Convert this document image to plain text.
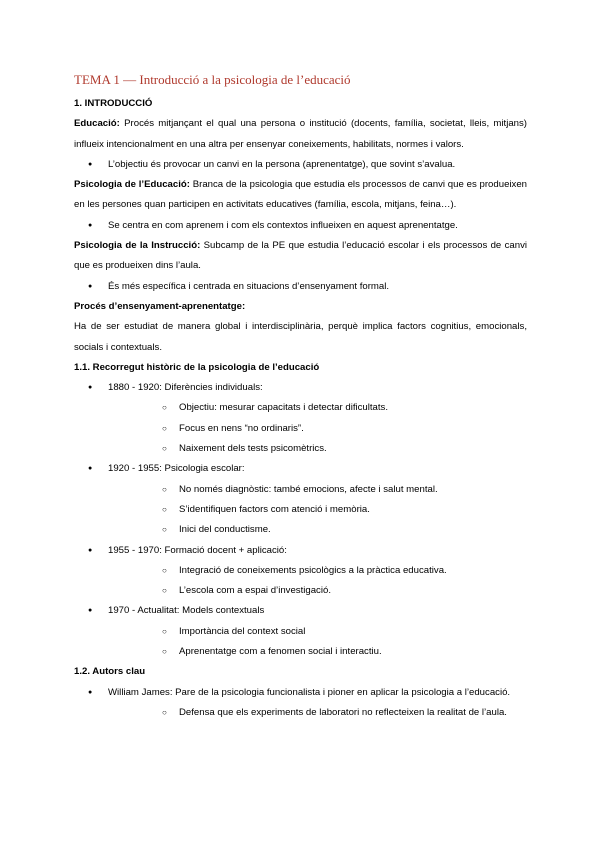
TEMA 1 — Introducció a la psicologia de l’educació
1. INTRODUCCIÓ
Educació: Procés mitjançant el qual una persona o institució (docents, família, societat, lleis, mitjans) influeix intencionalment en una altra per ensenyar coneixements, habilitats, normes i valors.
● L’objectiu és provocar un canvi en la persona (aprenentatge), que sovint s’avalua.
Psicologia de l’Educació: Branca de la psicologia que estudia els processos de canvi que es produeixen en les persones quan participen en activitats educatives (família, escola, mitjans, feina…).
● Se centra en com aprenem i com els contextos influeixen en aquest aprenentatge.
Psicologia de la Instrucció: Subcamp de la PE que estudia l’educació escolar i els processos de canvi que es produeixen dins l’aula.
● És més específica i centrada en situacions d’ensenyament formal.
Procés d’ensenyament-aprenentatge:
Ha de ser estudiat de manera global i interdisciplinària, perquè implica factors cognitius, emocionals, socials i contextuals.
1.1. Recorregut històric de la psicologia de l’educació
● 1880 - 1920: Diferències individuals:
○ Objectiu: mesurar capacitats i detectar dificultats.
○ Focus en nens “no ordinaris”.
○ Naixement dels tests psicomètrics.
● 1920 - 1955: Psicologia escolar:
○ No només diagnòstic: també emocions, afecte i salut mental.
○ S’identifiquen factors com atenció i memòria.
○ Inici del conductisme.
● 1955 - 1970: Formació docent + aplicació:
○ Integració de coneixements psicològics a la pràctica educativa.
○ L’escola com a espai d’investigació.
● 1970 - Actualitat: Models contextuals
○ Importància del context social
○ Aprenentatge com a fenomen social i interactiu.
1.2. Autors clau
● William James: Pare de la psicologia funcionalista i pioner en aplicar la psicologia a l’educació.
○ Defensa que els experiments de laboratori no reflecteixen la realitat de l’aula.
